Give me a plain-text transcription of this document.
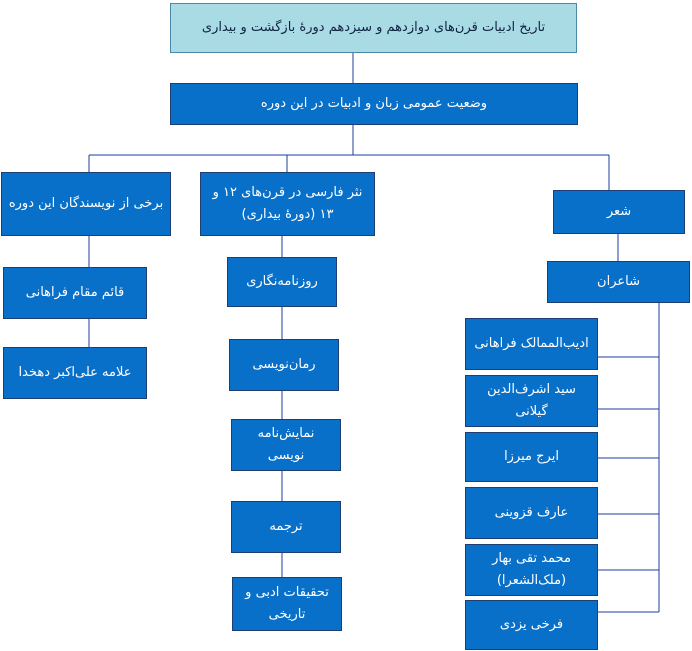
تاریخ ادبیات قرن‌های دوازدهم و سیزدهم دورهٔ بازگشت و بیداری
وضعیت عمومی زبان و ادبیات در این دوره
برخی از نویسندگان این دوره
قائم مقام فراهانی
علامه علی‌اکبر دهخدا
نثر فارسی در قرن‌های ۱۲ و ۱۳ (دورهٔ بیداری)
روزنامه‌نگاری
رمان‌نویسی
نمایش‌نامه نویسی
ترجمه
تحقیقات ادبی و تاریخی
شعر
شاعران
ادیب‌الممالک فراهانی
سید اشرف‌الدین گیلانی
ایرج میرزا
عارف قزوینی
محمد تقی بهار (ملک‌الشعرا)
فرخی یزدی
